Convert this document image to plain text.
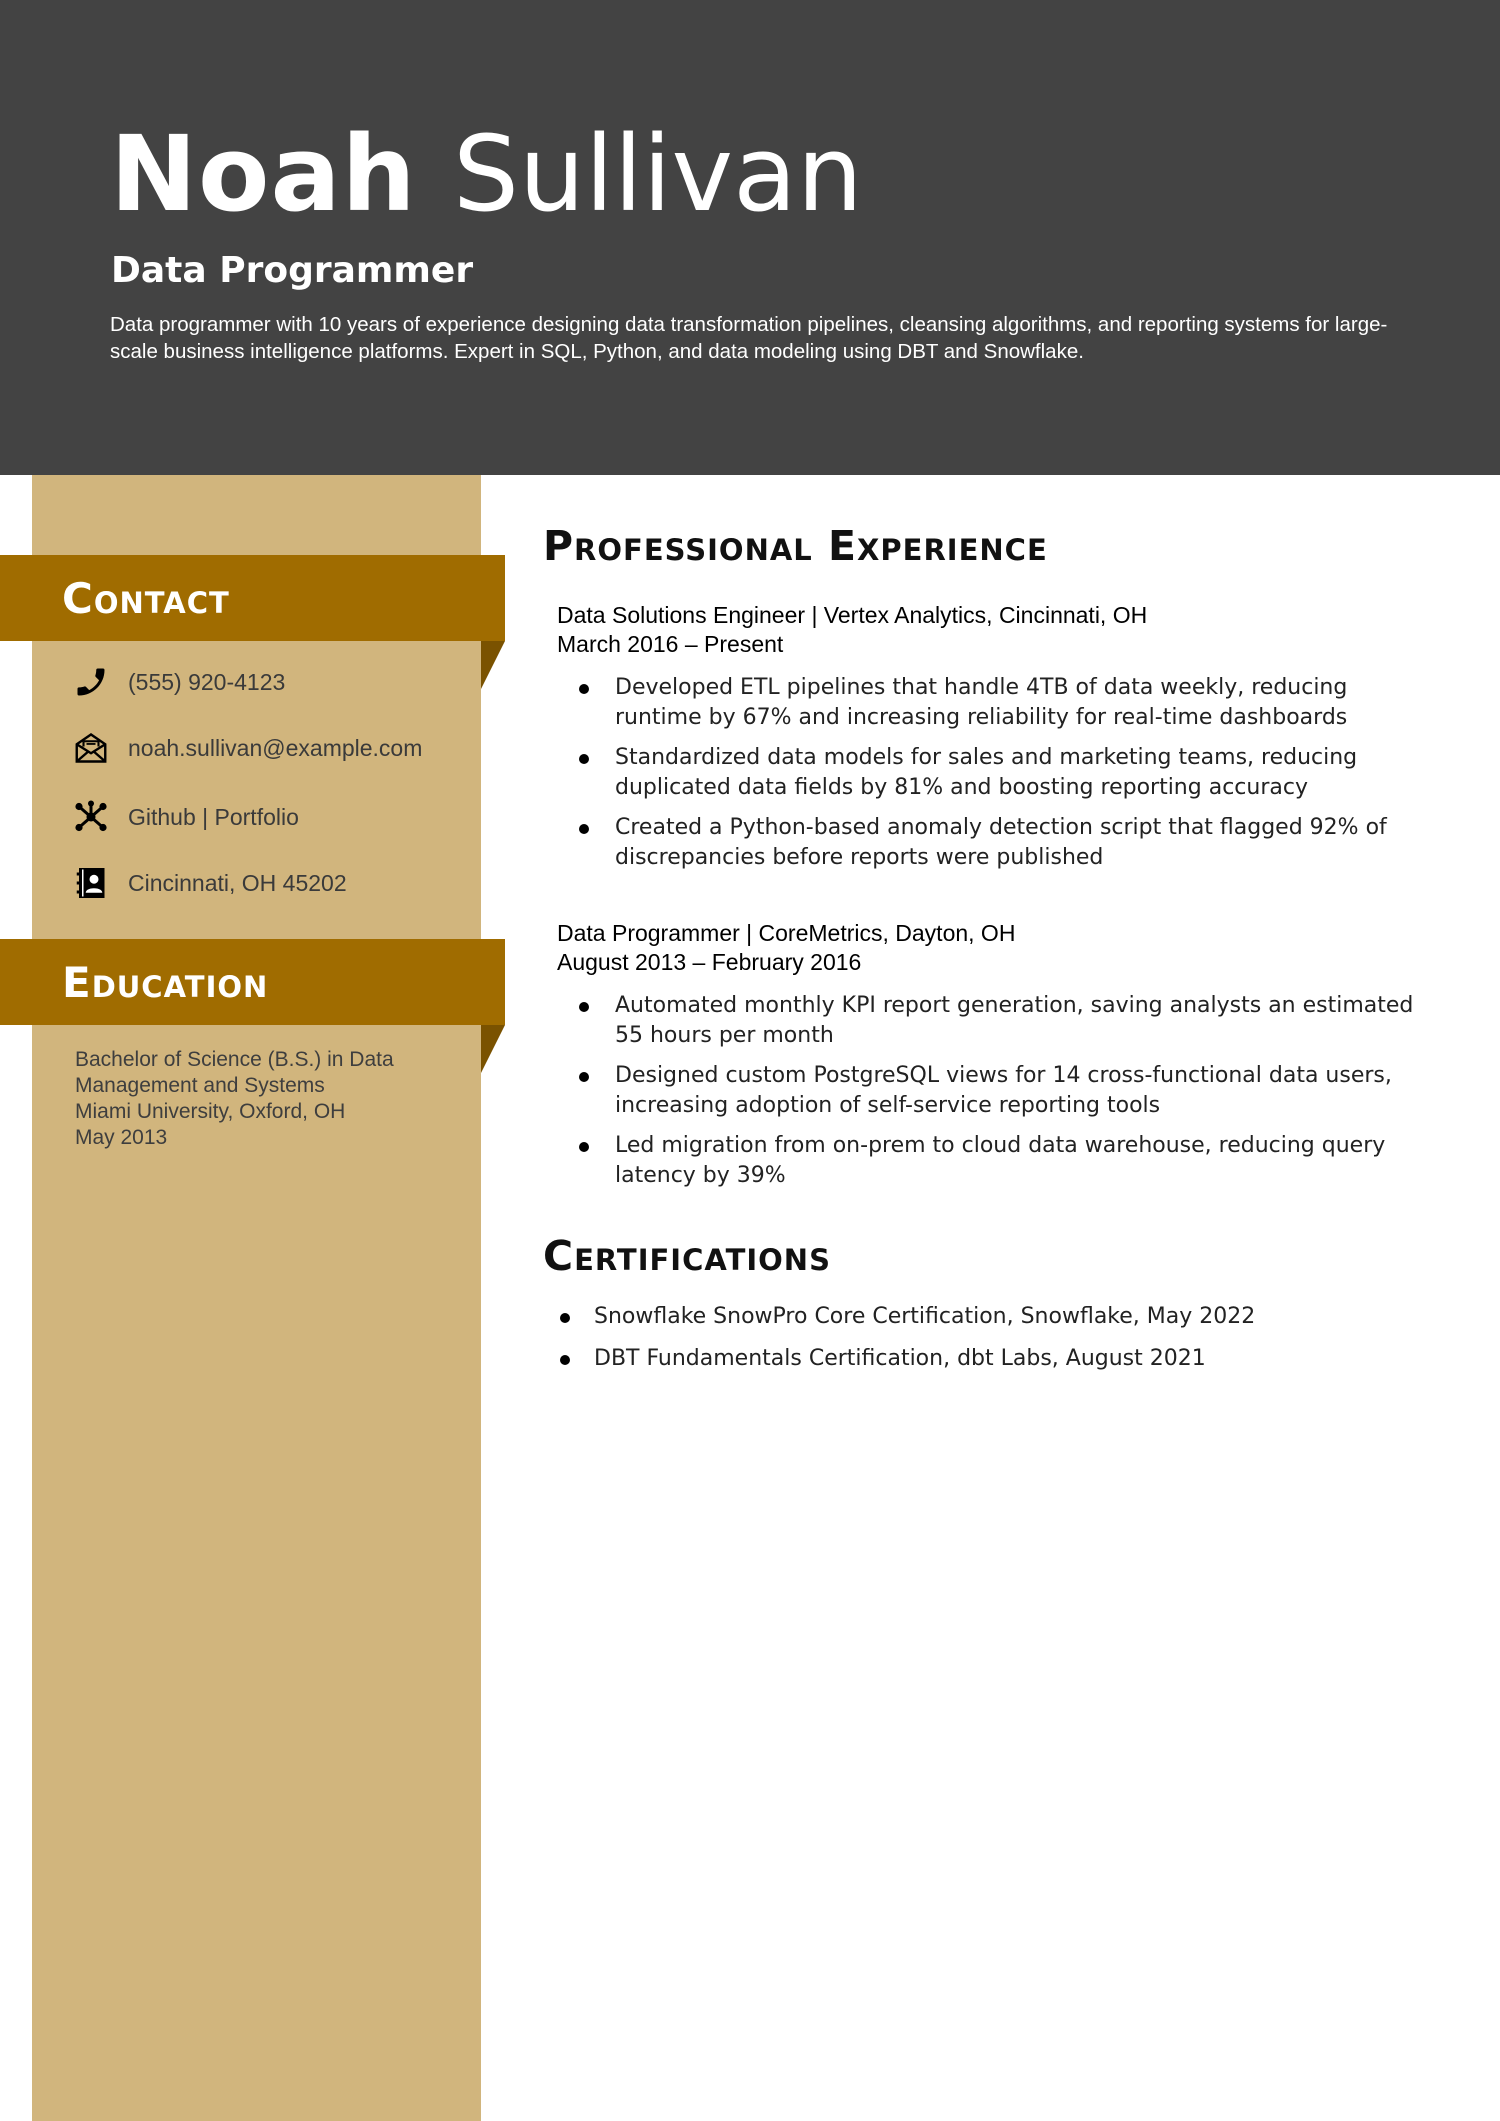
Noah Sullivan
Data Programmer

Data programmer with 10 years of experience designing data transformation pipelines, cleansing algorithms, and reporting systems for large-scale business intelligence platforms. Expert in SQL, Python, and data modeling using DBT and Snowflake.

Contact
(555) 920-4123
noah.sullivan@example.com
Github | Portfolio
Cincinnati, OH 45202
Education
Bachelor of Science (B.S.) in Data
Management and Systems
Miami University, Oxford, OH
May 2013
Professional Experience
Data Solutions Engineer | Vertex Analytics, Cincinnati, OH
March 2016 – Present
Developed ETL pipelines that handle 4TB of data weekly, reducing runtime by 67% and increasing reliability for real-time dashboards
Standardized data models for sales and marketing teams, reducing duplicated data fields by 81% and boosting reporting accuracy
Created a Python-based anomaly detection script that flagged 92% of discrepancies before reports were published
Data Programmer | CoreMetrics, Dayton, OH
August 2013 – February 2016
Automated monthly KPI report generation, saving analysts an estimated 55 hours per month
Designed custom PostgreSQL views for 14 cross-functional data users, increasing adoption of self-service reporting tools
Led migration from on-prem to cloud data warehouse, reducing query latency by 39%
Certifications
Snowflake SnowPro Core Certification, Snowflake, May 2022
DBT Fundamentals Certification, dbt Labs, August 2021
